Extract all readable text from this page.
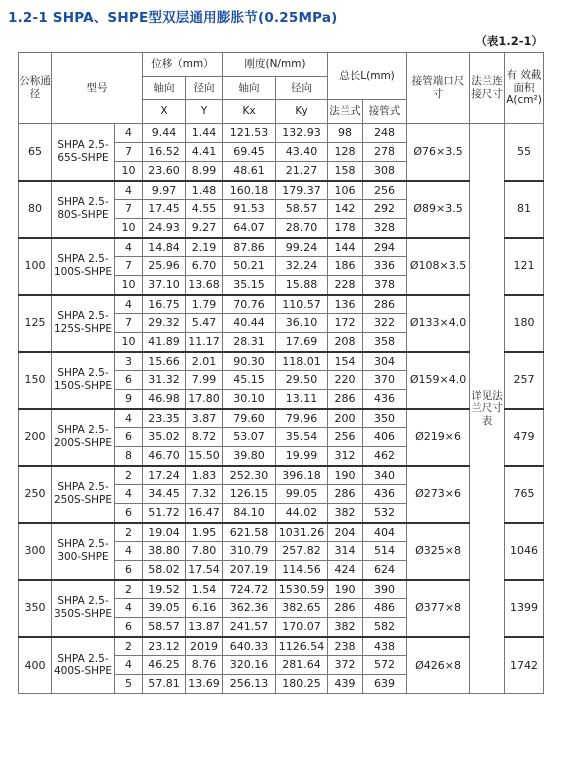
1.2-1 SHPA、SHPE型双层通用膨胀节(0.25MPa)
（表1.2-1）
公称通径	型号		位移（mm）		刚度(N/mm)		总长L(mm)		接管端口尺寸	法兰连接尺寸	有 效截面积A(cm²)
			轴向	径向	轴向	径向					
			X	Y	Kx	Ky	法兰式	接管式			
65	SHPA 2.5-65S-SHPE	4	9.44	1.44	121.53	132.93	98	248	Ø76×3.5	详见法兰尺寸表	55
		7	16.52	4.41	69.45	43.40	128	278			
		10	23.60	8.99	48.61	21.27	158	308			
80	SHPA 2.5-80S-SHPE	4	9.97	1.48	160.18	179.37	106	256	Ø89×3.5		81
		7	17.45	4.55	91.53	58.57	142	292			
		10	24.93	9.27	64.07	28.70	178	328			
100	SHPA 2.5-100S-SHPE	4	14.84	2.19	87.86	99.24	144	294	Ø108×3.5		121
		7	25.96	6.70	50.21	32.24	186	336			
		10	37.10	13.68	35.15	15.88	228	378			
125	SHPA 2.5-125S-SHPE	4	16.75	1.79	70.76	110.57	136	286	Ø133×4.0		180
		7	29.32	5.47	40.44	36.10	172	322			
		10	41.89	11.17	28.31	17.69	208	358			
150	SHPA 2.5-150S-SHPE	3	15.66	2.01	90.30	118.01	154	304	Ø159×4.0		257
		6	31.32	7.99	45.15	29.50	220	370			
		9	46.98	17.80	30.10	13.11	286	436			
200	SHPA 2.5-200S-SHPE	4	23.35	3.87	79.60	79.96	200	350	Ø219×6		479
		6	35.02	8.72	53.07	35.54	256	406			
		8	46.70	15.50	39.80	19.99	312	462			
250	SHPA 2.5-250S-SHPE	2	17.24	1.83	252.30	396.18	190	340	Ø273×6		765
		4	34.45	7.32	126.15	99.05	286	436			
		6	51.72	16.47	84.10	44.02	382	532			
300	SHPA 2.5-300-SHPE	2	19.04	1.95	621.58	1031.26	204	404	Ø325×8		1046
		4	38.80	7.80	310.79	257.82	314	514			
		6	58.02	17.54	207.19	114.56	424	624			
350	SHPA 2.5-350S-SHPE	2	19.52	1.54	724.72	1530.59	190	390	Ø377×8		1399
		4	39.05	6.16	362.36	382.65	286	486			
		6	58.57	13.87	241.57	170.07	382	582			
400	SHPA 2.5-400S-SHPE	2	23.12	2019	640.33	1126.54	238	438	Ø426×8		1742
		4	46.25	8.76	320.16	281.64	372	572			
		5	57.81	13.69	256.13	180.25	439	639			
